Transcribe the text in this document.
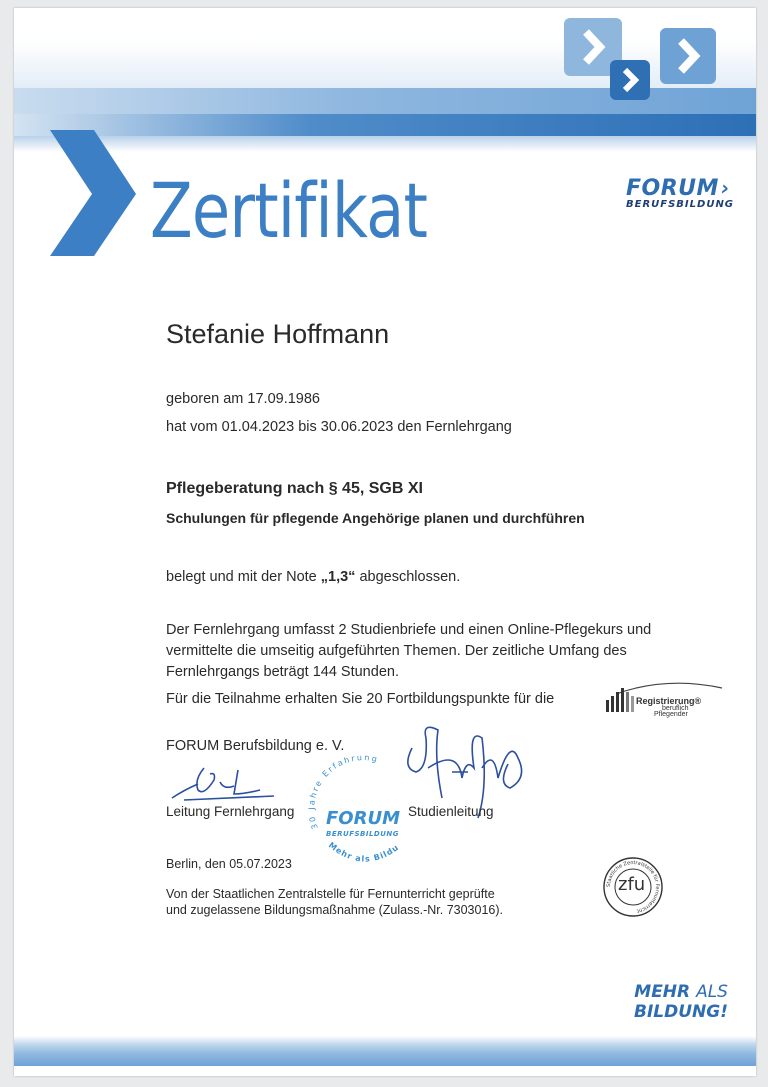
Zertifikat	FORUM ›
BERUFSBILDUNG
Stefanie Hoffmann
geboren am 17.09.1986
hat vom 01.04.2023 bis 30.06.2023 den Fernlehrgang
Pflegeberatung nach § 45, SGB XI
Schulungen für pflegende Angehörige planen und durchführen
belegt und mit der Note „1,3“ abgeschlossen.
Der Fernlehrgang umfasst 2 Studienbriefe und einen Online-Pflegekurs und vermittelte die umseitig aufgeführten Themen. Der zeitliche Umfang des Fernlehrgangs beträgt 144 Stunden.
Für die Teilnahme erhalten Sie 20 Fortbildungspunkte für die	Registrierung®
beruflich
Pflegender
FORUM Berufsbildung e. V.
Leitung Fernlehrgang
30 Jahre Erfahrung
Mehr als Bildu
FORUM
BERUFSBILDUNG
Studienleitung
Berlin, den 05.07.2023
Von der Staatlichen Zentralstelle für Fernunterricht geprüfte
und zugelassene Bildungsmaßnahme (Zulass.-Nr. 7303016).
Staatliche Zentralstelle für Fernunterricht
zfu
MEHR ALS
BILDUNG!
